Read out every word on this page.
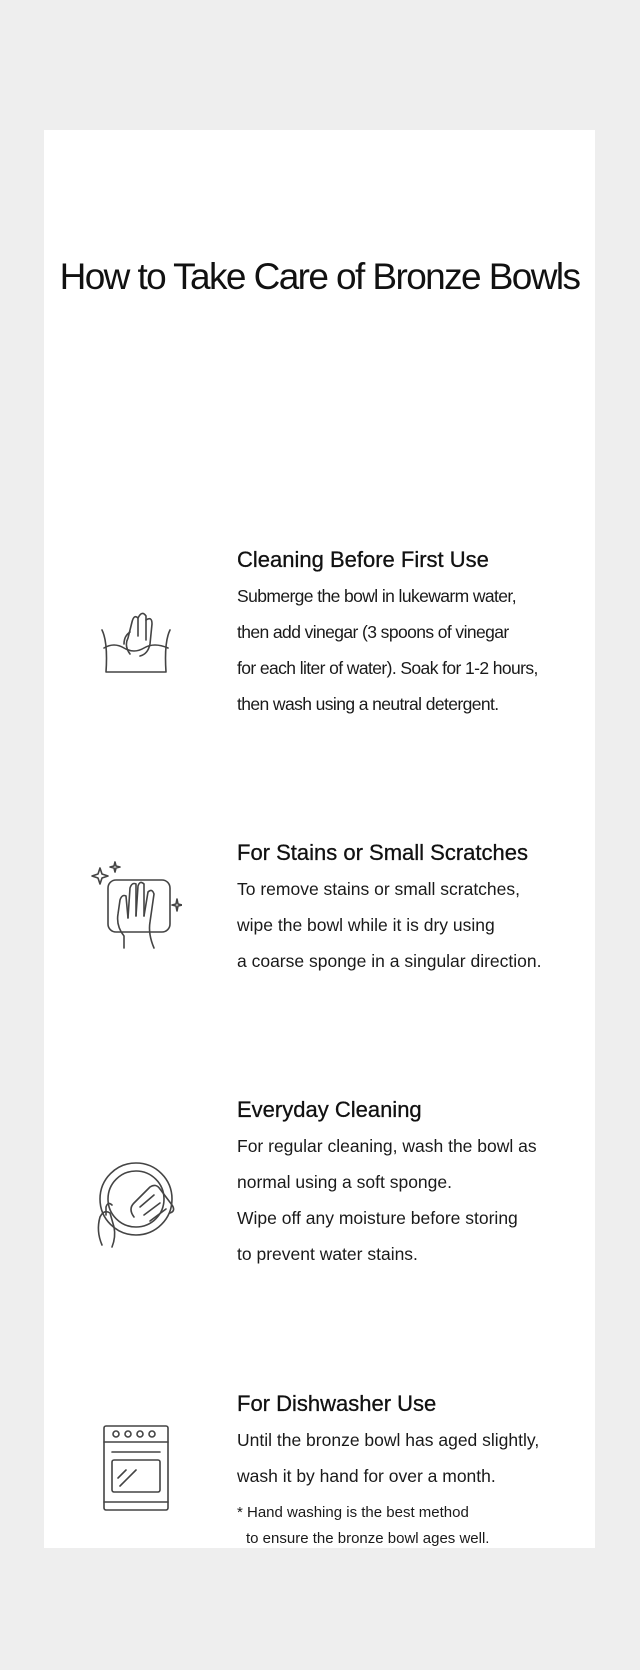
How to Take Care of Bronze Bowls
Cleaning Before First Use
Submerge the bowl in lukewarm water,
then add vinegar (3 spoons of vinegar
for each liter of water). Soak for 1-2 hours,
then wash using a neutral detergent.
For Stains or Small Scratches
To remove stains or small scratches,
wipe the bowl while it is dry using
a coarse sponge in a singular direction.
Everyday Cleaning
For regular cleaning, wash the bowl as
normal using a soft sponge.
Wipe off any moisture before storing
to prevent water stains.
For Dishwasher Use
Until the bronze bowl has aged slightly,
wash it by hand for over a month.
* Hand washing is the best method
to ensure the bronze bowl ages well.
